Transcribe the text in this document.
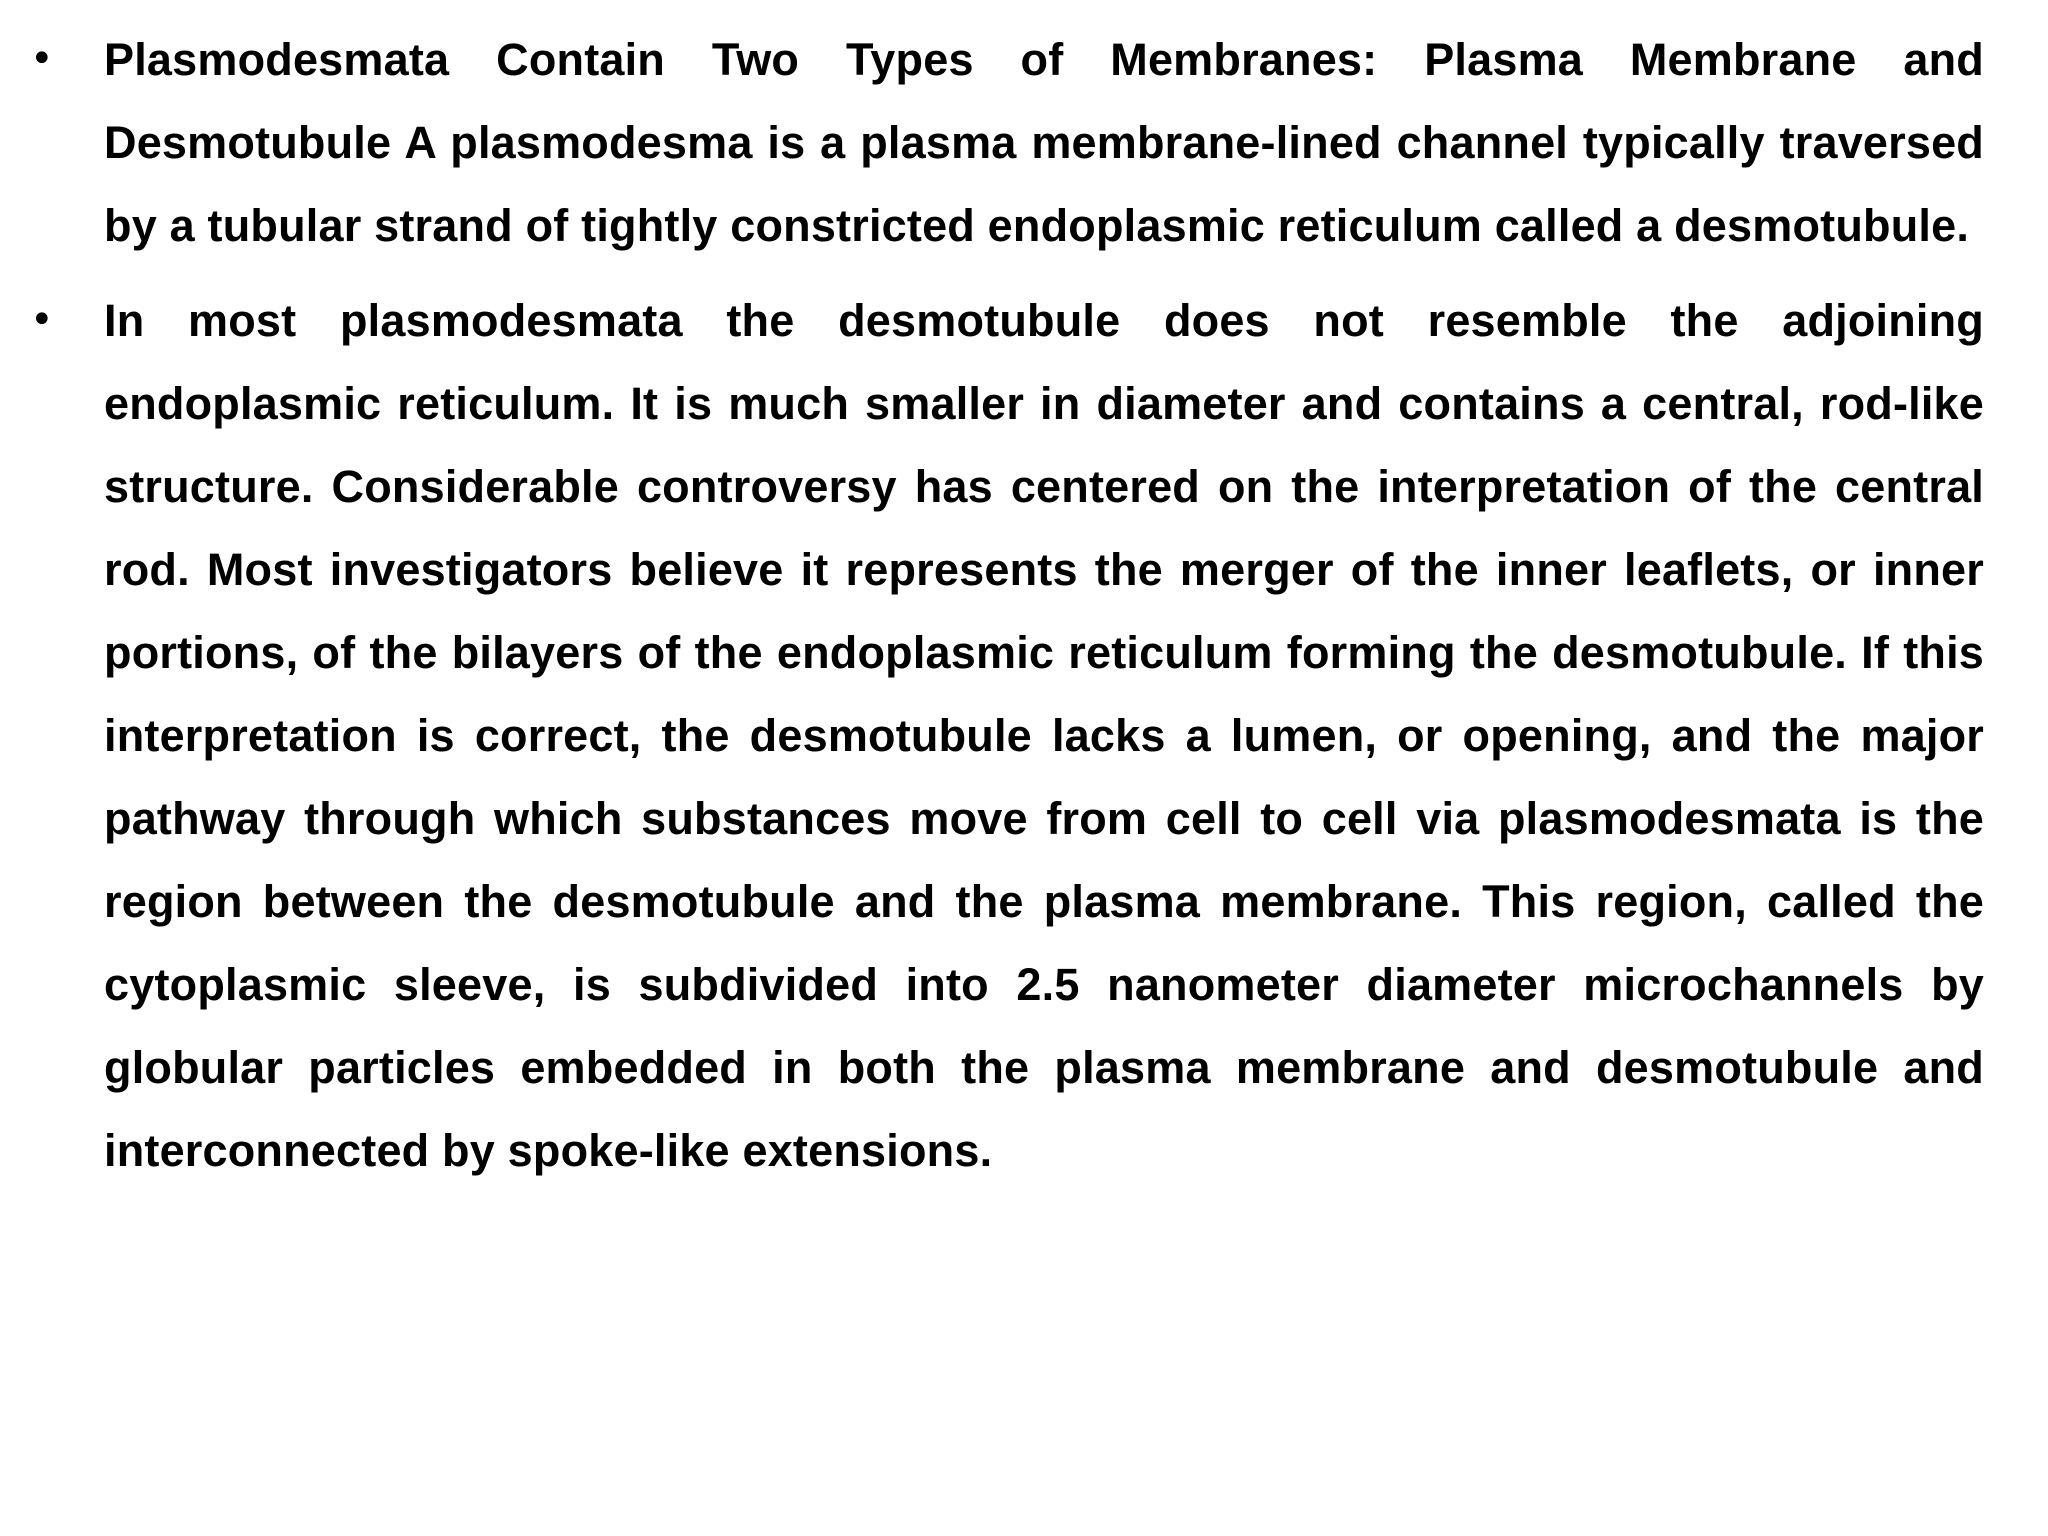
• Plasmodesmata Contain Two Types of Membranes: Plasma Membrane and Desmotubule A plasmodesma is a plasma membrane-lined channel typically traversed by a tubular strand of tightly constricted endoplasmic reticulum called a desmotubule.
• In most plasmodesmata the desmotubule does not resemble the adjoining endoplasmic reticulum. It is much smaller in diameter and contains a central, rod-like structure. Considerable controversy has centered on the interpretation of the central rod. Most investigators believe it represents the merger of the inner leaflets, or inner portions, of the bilayers of the endoplasmic reticulum forming the desmotubule. If this interpretation is correct, the desmotubule lacks a lumen, or opening, and the major pathway through which substances move from cell to cell via plasmodesmata is the region between the desmotubule and the plasma membrane. This region, called the cytoplasmic sleeve, is subdivided into 2.5 nanometer diameter microchannels by globular particles embedded in both the plasma membrane and desmotubule and interconnected by spoke-like extensions.
